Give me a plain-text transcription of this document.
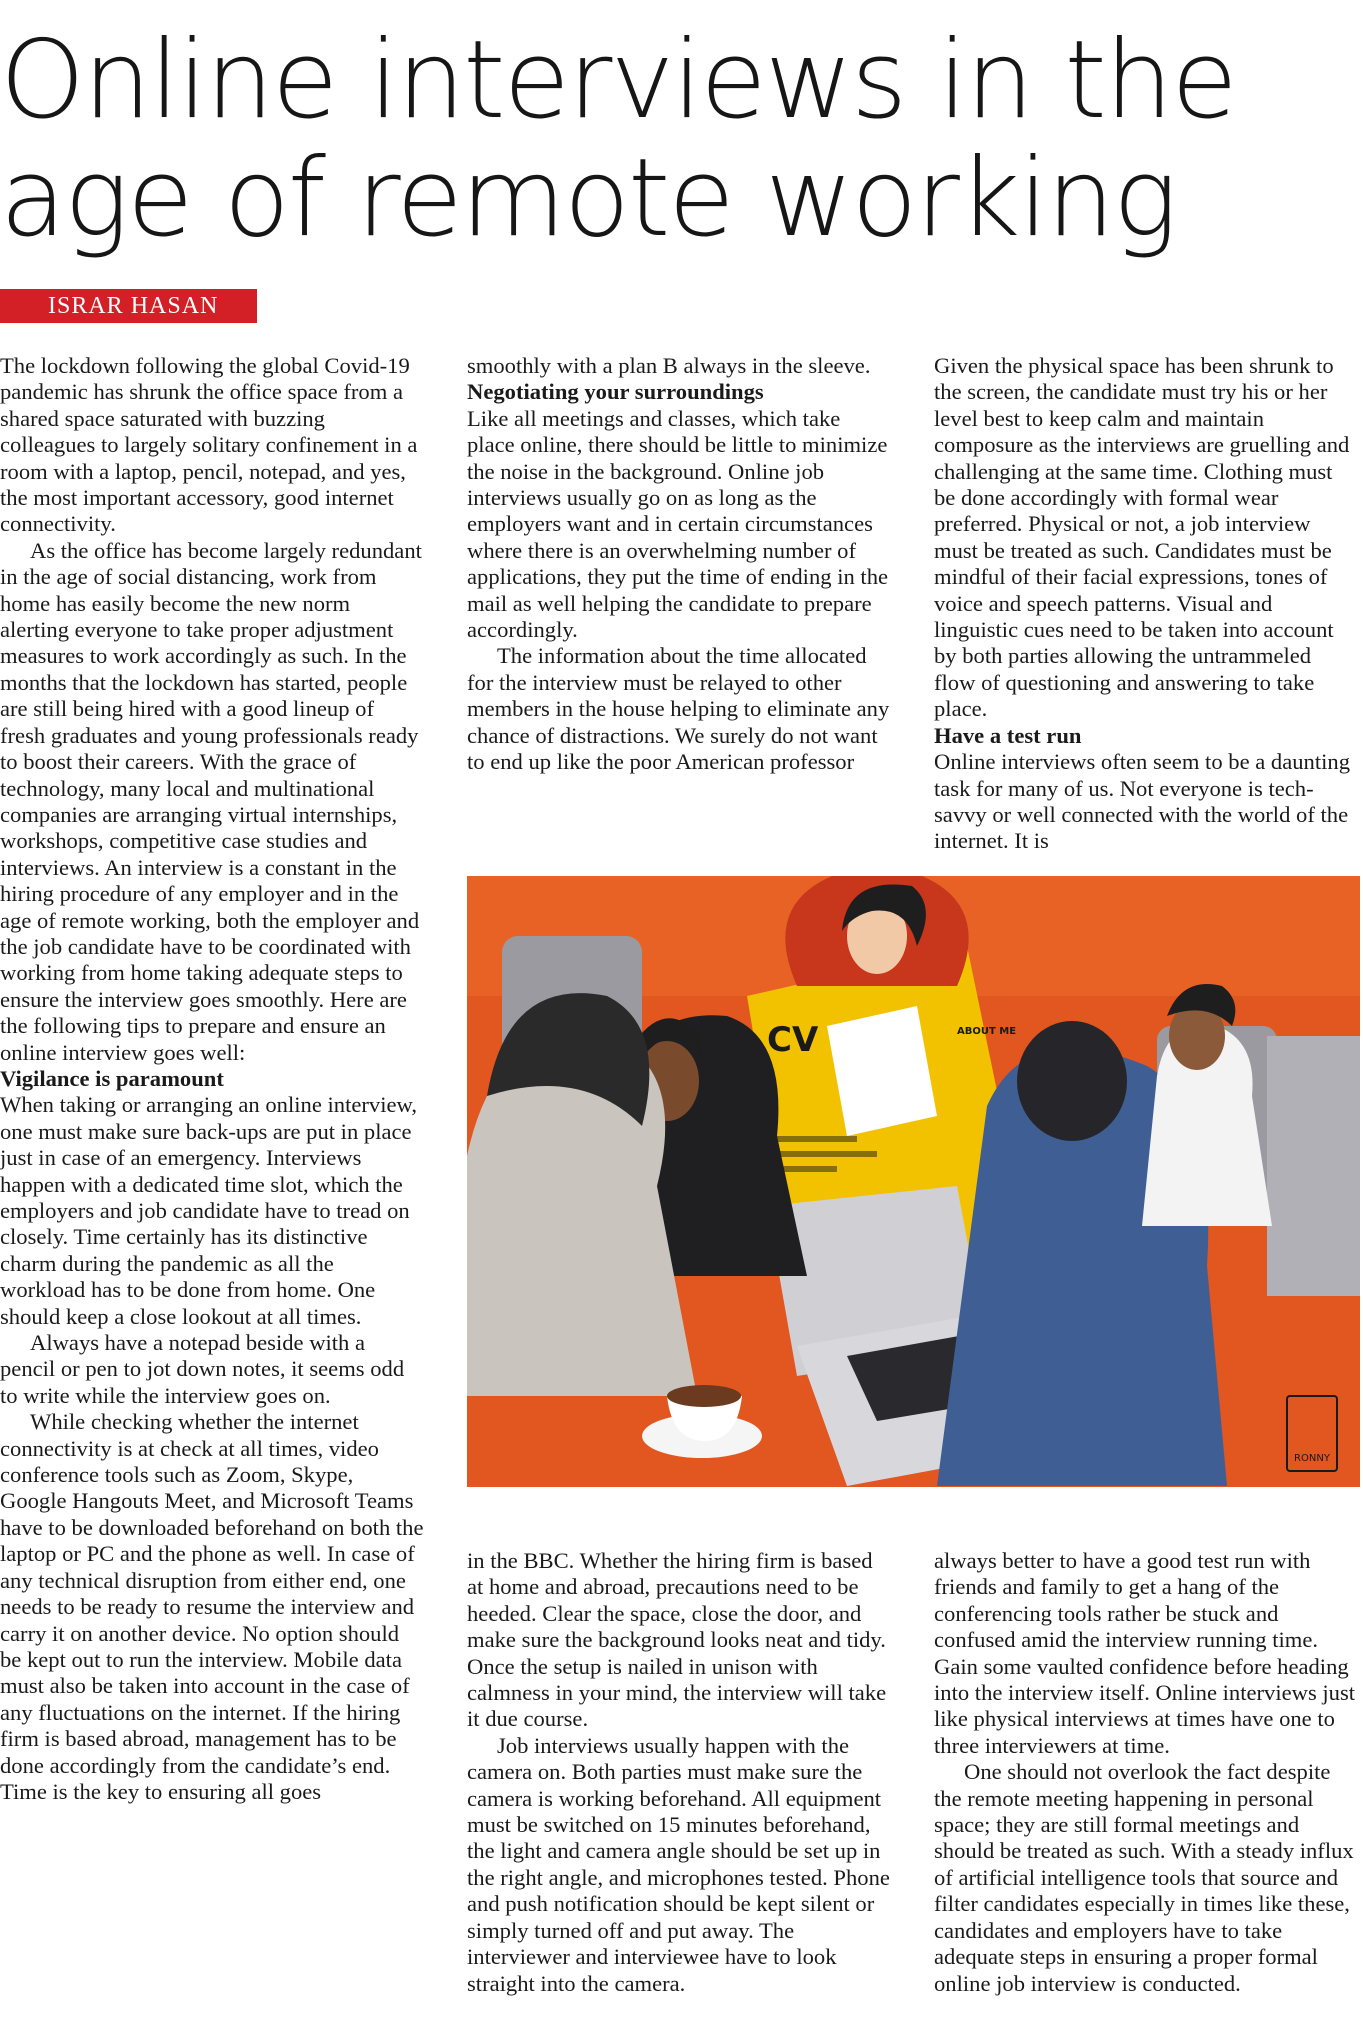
Online interviews in the age of remote working
ISRAR HASAN

The lockdown following the global Covid-19 pandemic has shrunk the office space from a shared space saturated with buzzing colleagues to largely solitary confinement in a room with a laptop, pencil, notepad, and yes, the most important accessory, good internet connectivity.

As the office has become largely redundant in the age of social distancing, work from home has easily become the new norm alerting everyone to take proper adjustment measures to work accordingly as such. In the months that the lockdown has started, people are still being hired with a good lineup of fresh graduates and young professionals ready to boost their careers. With the grace of technology, many local and multinational companies are arranging virtual internships, workshops, competitive case studies and interviews. An interview is a constant in the hiring procedure of any employer and in the age of remote working, both the employer and the job candidate have to be coordinated with working from home taking adequate steps to ensure the interview goes smoothly. Here are the following tips to prepare and ensure an online interview goes well:

Vigilance is paramount

When taking or arranging an online interview, one must make sure back-ups are put in place just in case of an emergency. Interviews happen with a dedicated time slot, which the employers and job candidate have to tread on closely. Time certainly has its distinctive charm during the pandemic as all the workload has to be done from home. One should keep a close lookout at all times.

Always have a notepad beside with a pencil or pen to jot down notes, it seems odd to write while the interview goes on.

While checking whether the internet connectivity is at check at all times, video conference tools such as Zoom, Skype, Google Hangouts Meet, and Microsoft Teams have to be downloaded beforehand on both the laptop or PC and the phone as well. In case of any technical disruption from either end, one needs to be ready to resume the interview and carry it on another device. No option should be kept out to run the interview. Mobile data must also be taken into account in the case of any fluctuations on the internet. If the hiring firm is based abroad, management has to be done accordingly from the candidate’s end. Time is the key to ensuring all goes

smoothly with a plan B always in the sleeve.

Negotiating your surroundings

Like all meetings and classes, which take place online, there should be little to minimize the noise in the background. Online job interviews usually go on as long as the employers want and in certain circumstances where there is an overwhelming number of applications, they put the time of ending in the mail as well helping the candidate to prepare accordingly.

The information about the time allocated for the interview must be relayed to other members in the house helping to eliminate any chance of distractions. We surely do not want to end up like the poor American professor

Given the physical space has been shrunk to the screen, the candidate must try his or her level best to keep calm and maintain composure as the interviews are gruelling and challenging at the same time. Clothing must be done accordingly with formal wear preferred. Physical or not, a job interview must be treated as such. Candidates must be mindful of their facial expressions, tones of voice and speech patterns. Visual and linguistic cues need to be taken into account by both parties allowing the untrammeled flow of questioning and answering to take place.

Have a test run

Online interviews often seem to be a daunting task for many of us. Not everyone is tech-savvy or well connected with the world of the internet. It is

CV	ABOUT ME
RONNY

in the BBC. Whether the hiring firm is based at home and abroad, precautions need to be heeded. Clear the space, close the door, and make sure the background looks neat and tidy. Once the setup is nailed in unison with calmness in your mind, the interview will take it due course.

Job interviews usually happen with the camera on. Both parties must make sure the camera is working beforehand. All equipment must be switched on 15 minutes beforehand, the light and camera angle should be set up in the right angle, and microphones tested. Phone and push notification should be kept silent or simply turned off and put away. The interviewer and interviewee have to look straight into the camera.

always better to have a good test run with friends and family to get a hang of the conferencing tools rather be stuck and confused amid the interview running time. Gain some vaulted confidence before heading into the interview itself. Online interviews just like physical interviews at times have one to three interviewers at time.

One should not overlook the fact despite the remote meeting happening in personal space; they are still formal meetings and should be treated as such. With a steady influx of artificial intelligence tools that source and filter candidates especially in times like these, candidates and employers have to take adequate steps in ensuring a proper formal online job interview is conducted.
